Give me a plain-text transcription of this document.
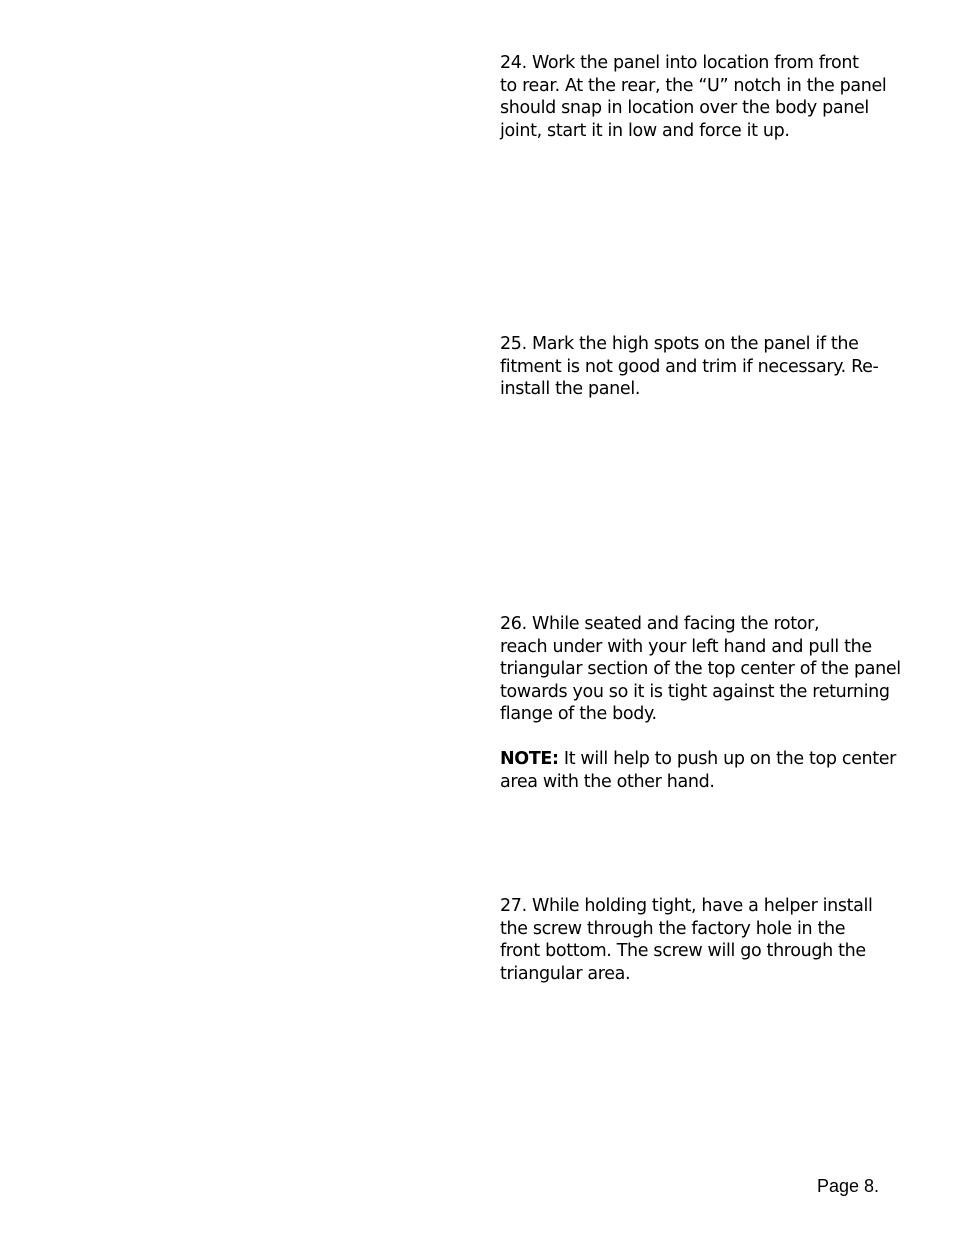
24. Work the panel into location from front
to rear. At the rear, the “U” notch in the panel
should snap in location over the body panel
joint, start it in low and force it up.
25. Mark the high spots on the panel if the
fitment is not good and trim if necessary. Re-
install the panel.
26. While seated and facing the rotor,
reach under with your left hand and pull the
triangular section of the top center of the panel
towards you so it is tight against the returning
flange of the body.
NOTE: It will help to push up on the top center
area with the other hand.
27. While holding tight, have a helper install
the screw through the factory hole in the
front bottom. The screw will go through the
triangular area.
Page 8.
